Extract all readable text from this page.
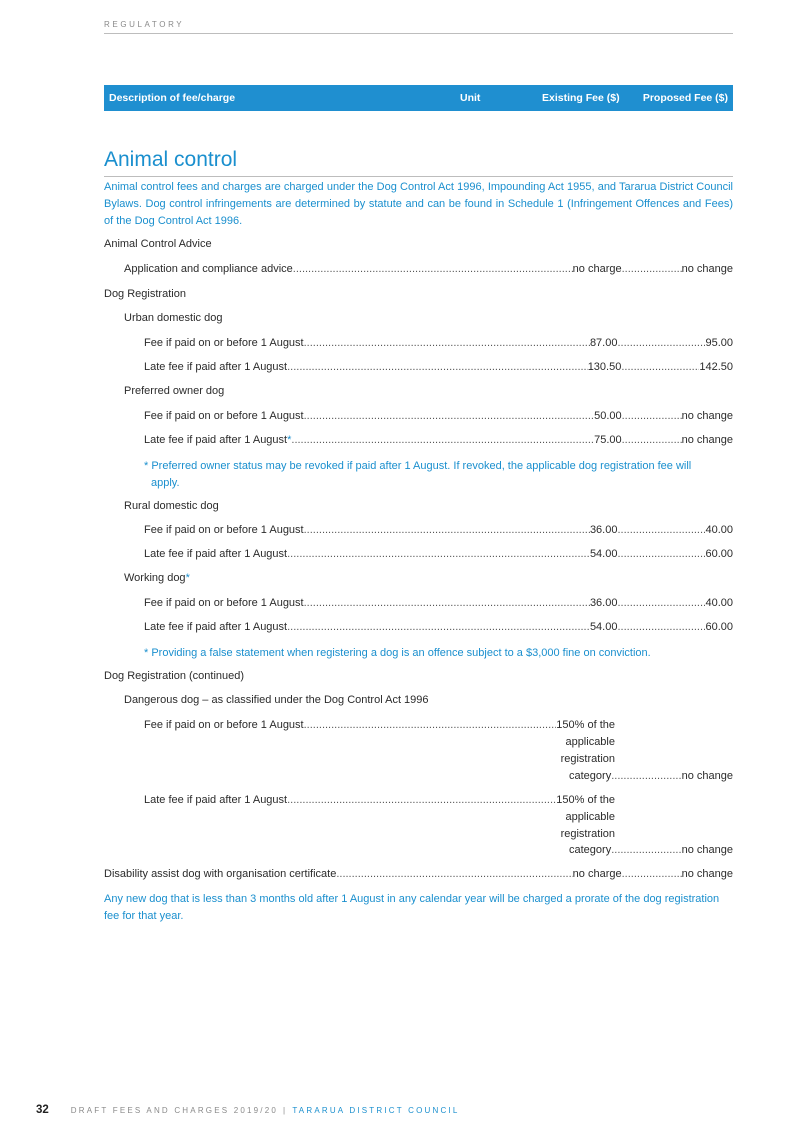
REGULATORY
Description of fee/charge	Unit	Existing Fee ($) Proposed Fee ($)
Animal control

Animal control fees and charges are charged under the Dog Control Act 1996, Impounding Act 1955, and Tararua District Council Bylaws. Dog control infringements are determined by statute and can be found in Schedule 1 (Infringement Offences and Fees) of the Dog Control Act 1996.

Animal Control Advice
Application and compliance advice .....	no charge .....	no change
Dog Registration
Urban domestic dog
Fee if paid on or before 1 August .....	87.00 .....	95.00
Late fee if paid after 1 August .....	130.50 .....	142.50
Preferred owner dog
Fee if paid on or before 1 August .....	50.00 .....	no change
Late fee if paid after 1 August* .....	75.00 .....	no change

* Preferred owner status may be revoked if paid after 1 August. If revoked, the applicable dog registration fee will
apply.

Rural domestic dog
Fee if paid on or before 1 August .....	36.00 .....	40.00
Late fee if paid after 1 August .....	54.00 .....	60.00
Working dog*
Fee if paid on or before 1 August .....	36.00 .....	40.00
Late fee if paid after 1 August .....	54.00 .....	60.00

* Providing a false statement when registering a dog is an offence subject to a $3,000 fine on conviction.

Dog Registration (continued)
Dangerous dog – as classified under the Dog Control Act 1996
Fee if paid on or before 1 August .....	150% of the
applicable
registration
category .....	no change
Late fee if paid after 1 August .....	150% of the
applicable
registration
category .....	no change
Disability assist dog with organisation certificate .....	no charge .....	no change

Any new dog that is less than 3 months old after 1 August in any calendar year will be charged a prorate of the dog registration fee for that year.

32	DRAFT FEES AND CHARGES 2019/20 | TARARUA DISTRICT COUNCIL
